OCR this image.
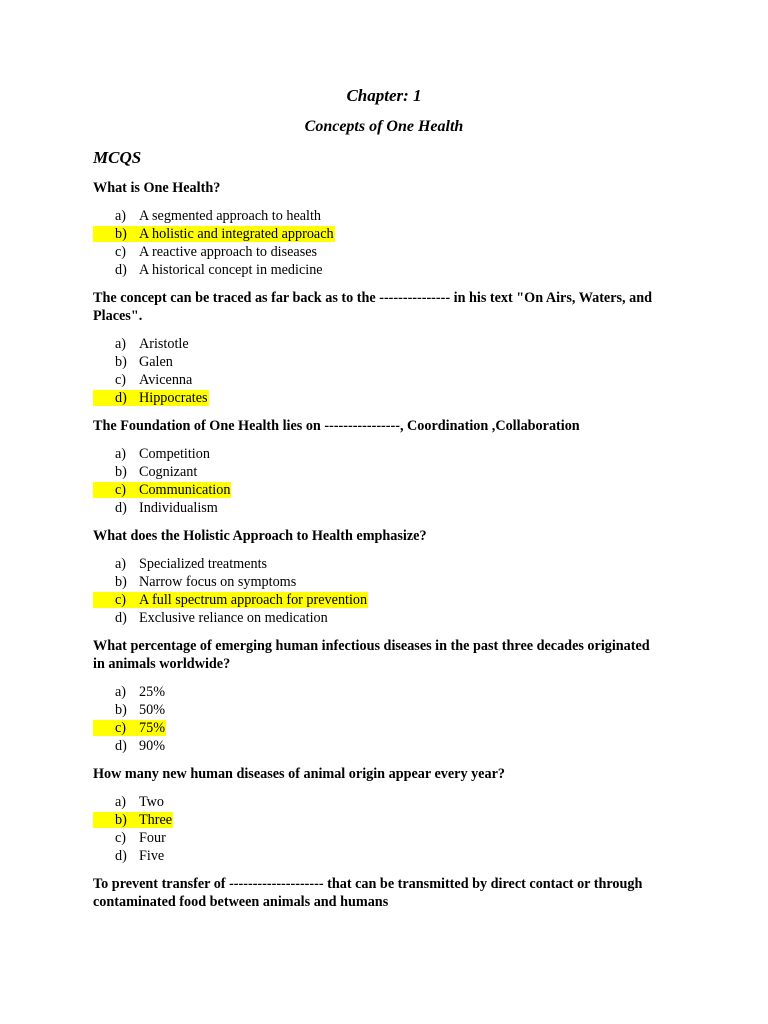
Chapter: 1
Concepts of One Health
MCQS

What is One Health?

a) A segmented approach to health
b) A holistic and integrated approach
c) A reactive approach to diseases
d) A historical concept in medicine

The concept can be traced as far back as to the --------------- in his text "On Airs, Waters, and Places".

a) Aristotle
b) Galen
c) Avicenna
d) Hippocrates

The Foundation of One Health lies on ----------------, Coordination ,Collaboration

a) Competition
b) Cognizant
c) Communication
d) Individualism

What does the Holistic Approach to Health emphasize?

a) Specialized treatments
b) Narrow focus on symptoms
c) A full spectrum approach for prevention
d) Exclusive reliance on medication

What percentage of emerging human infectious diseases in the past three decades originated in animals worldwide?

a) 25%
b) 50%
c) 75%
d) 90%

How many new human diseases of animal origin appear every year?

a) Two
b) Three
c) Four
d) Five

To prevent transfer of -------------------- that can be transmitted by direct contact or through contaminated food between animals and humans
